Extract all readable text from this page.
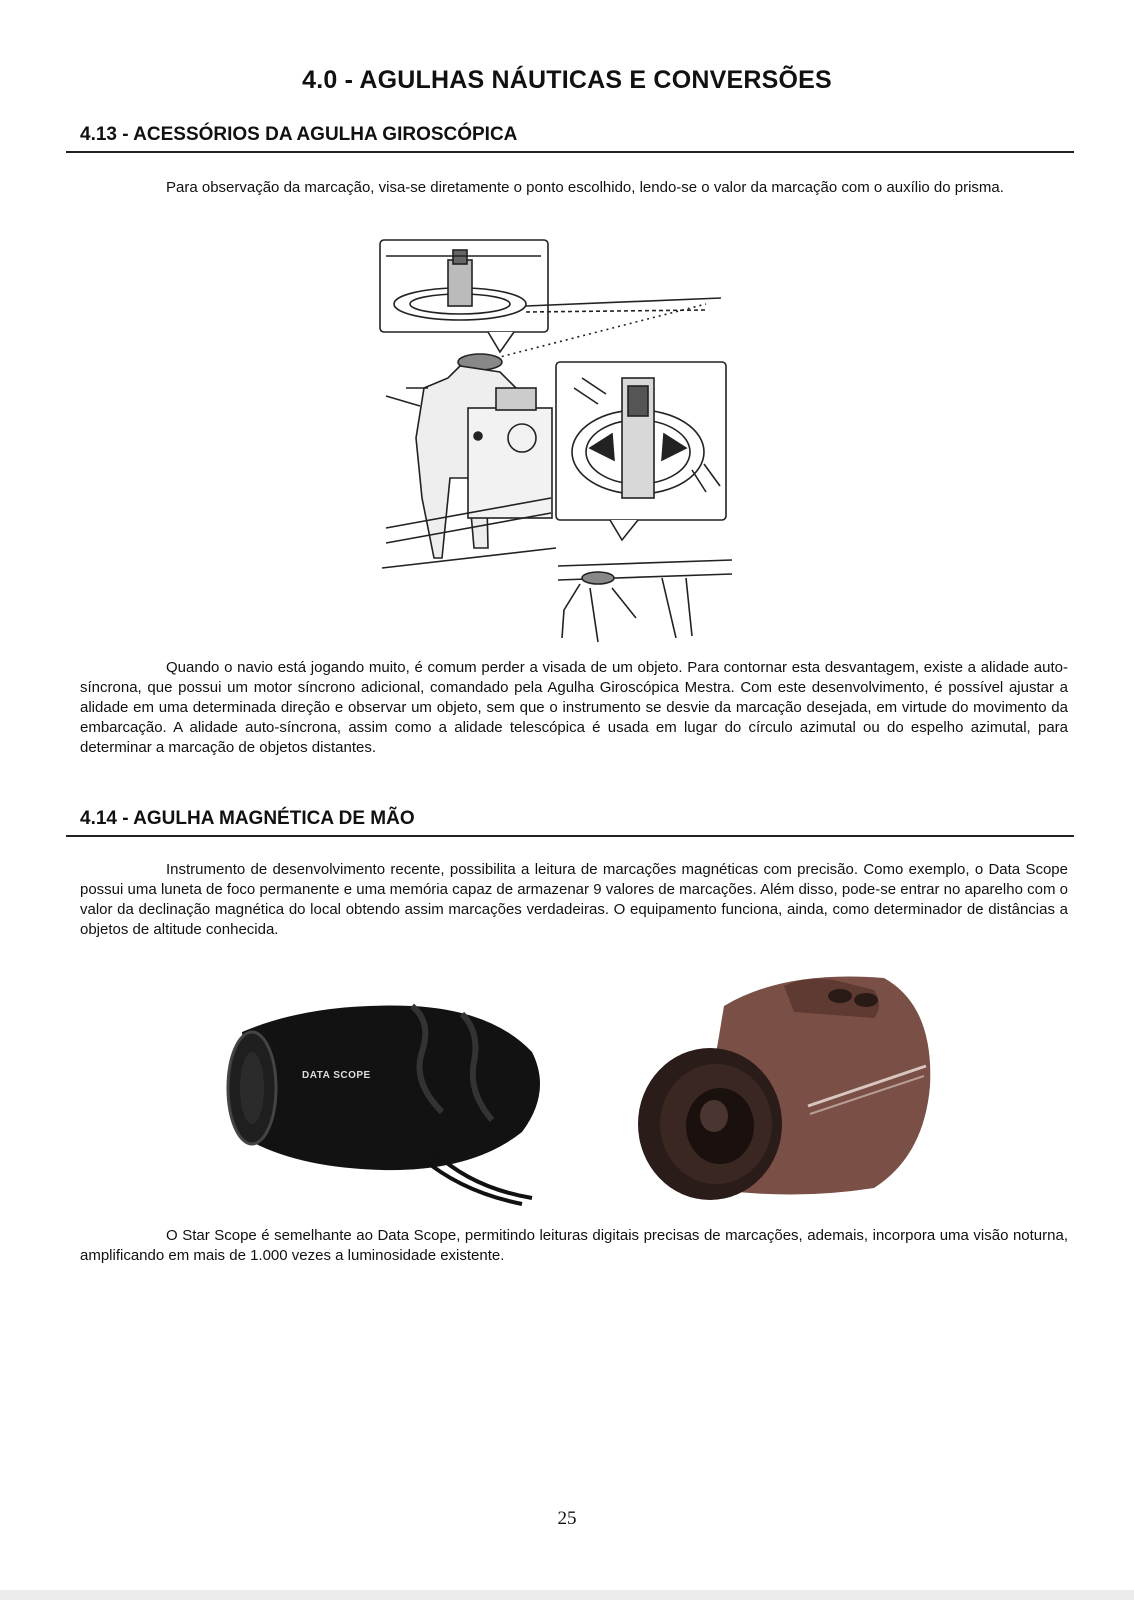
4.0 - AGULHAS NÁUTICAS E CONVERSÕES
4.13 - ACESSÓRIOS DA AGULHA GIROSCÓPICA

Para observação da marcação, visa-se diretamente o ponto escolhido, lendo-se o valor da marcação com o auxílio do prisma.

Quando o navio está jogando muito, é comum perder a visada de um objeto. Para contornar esta desvantagem, existe a alidade auto-síncrona, que possui um motor síncrono adicional, comandado pela Agulha Giroscópica Mestra. Com este desenvolvimento, é possível ajustar a alidade em uma determinada direção e observar um objeto, sem que o instrumento se desvie da marcação desejada, em virtude do movimento da embarcação. A alidade auto-síncrona, assim como a alidade telescópica é usada em lugar do círculo azimutal ou do espelho azimutal, para determinar a marcação de objetos distantes.

4.14 - AGULHA MAGNÉTICA DE MÃO

Instrumento de desenvolvimento recente, possibilita a leitura de marcações magnéticas com precisão. Como exemplo, o Data Scope possui uma luneta de foco permanente e uma memória capaz de armazenar 9 valores de marcações. Além disso, pode-se entrar no aparelho com o valor da declinação magnética do local obtendo assim marcações verdadeiras. O equipamento funciona, ainda, como determinador de distâncias a objetos de altitude conhecida.

DATA SCOPE

O Star Scope é semelhante ao Data Scope, permitindo leituras digitais precisas de marcações, ademais, incorpora uma visão noturna, amplificando em mais de 1.000 vezes a luminosidade existente.

25
